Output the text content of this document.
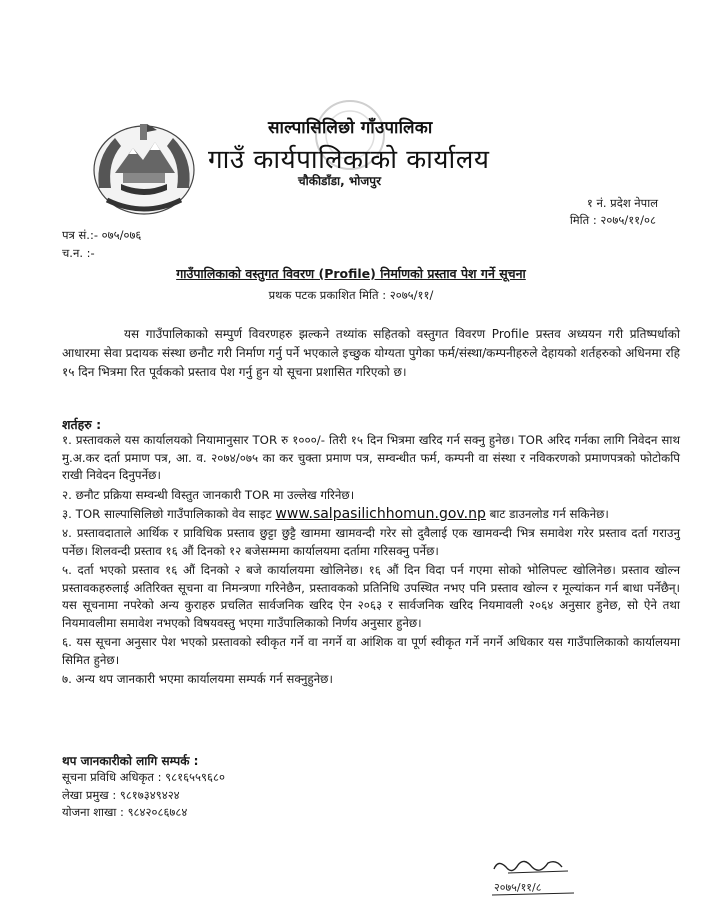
साल्पासिलिछो गाँउपालिका
गाउँ कार्यपालिकाको कार्यालय
चौकीडाँडा, भोजपुर
१ नं. प्रदेश नेपाल
मिति : २०७५/११/०८
पत्र सं.:- ०७५/०७६
च.न. :-
गाउँपालिकाको वस्तुगत विवरण (Profile) निर्माणको प्रस्ताव पेश गर्ने सूचना
प्रथक पटक प्रकाशित मिति : २०७५/११/
यस गाउँपालिकाको सम्पुर्ण विवरणहरु झल्कने तथ्यांक सहितको वस्तुगत विवरण Profile प्रस्तव अध्ययन गरी प्रतिष्पर्धाको आधारमा सेवा प्रदायक संस्था छनौट गरी निर्माण गर्नु पर्ने भएकाले इच्छुक योग्यता पुगेका फर्म/संस्था/कम्पनीहरुले देहायको शर्तहरुको अधिनमा रहि १५ दिन भित्रमा रित पूर्वकको प्रस्ताव पेश गर्नु हुन यो सूचना प्रशासित गरिएको छ।
शर्तहरु :

१. प्रस्तावकले यस कार्यालयको नियामानुसार TOR रु १०००/- तिरी १५ दिन भित्रमा खरिद गर्न सक्नु हुनेछ। TOR अरिद गर्नका लागि निवेदन साथ मु.अ.कर दर्ता प्रमाण पत्र, आ. व. २०७४/०७५ का कर चुक्ता प्रमाण पत्र, सम्वन्धीत फर्म, कम्पनी वा संस्था र नविकरणको प्रमाणपत्रको फोटोकपि राखी निवेदन दिनुपर्नेछ।

२. छनौट प्रक्रिया सम्वन्धी विस्तुत जानकारी TOR मा उल्लेख गरिनेछ।

३. TOR साल्पासिलिछो गाउँपालिकाको वेव साइट www.salpasilichhomun.gov.np बाट डाउनलोड गर्न सकिनेछ।

४. प्रस्तावदाताले आर्थिक र प्राविधिक प्रस्ताव छुट्टा छुट्टै खाममा खामवन्दी गरेर सो दुवैलाई एक खामवन्दी भित्र समावेश गरेर प्रस्ताव दर्ता गराउनु पर्नेछ। शिलवन्दी प्रस्ताव १६ औं दिनको १२ बजेसम्ममा कार्यालयमा दर्तामा गरिसक्नु पर्नेछ।

५. दर्ता भएको प्रस्ताव १६ औं दिनको २ बजे कार्यालयमा खोलिनेछ। १६ औं दिन विदा पर्न गएमा सोको भोलिपल्ट खोलिनेछ। प्रस्ताव खोल्न प्रस्तावकहरुलाई अतिरिक्त सूचना वा निमन्त्रणा गरिनेछैन, प्रस्तावकको प्रतिनिधि उपस्थित नभए पनि प्रस्ताव खोल्न र मूल्यांकन गर्न बाधा पर्नेछैन्। यस सूचनामा नपरेको अन्य कुराहरु प्रचलित सार्वजनिक खरिद ऐन २०६३ र सार्वजनिक खरिद नियमावली २०६४ अनुसार हुनेछ, सो ऐने तथा नियमावलीमा समावेश नभएको विषयवस्तु भएमा गाउँपालिकाको निर्णय अनुसार हुनेछ।

६. यस सूचना अनुसार पेश भएको प्रस्तावको स्वीकृत गर्ने वा नगर्ने वा आंशिक वा पूर्ण स्वीकृत गर्ने नगर्ने अधिकार यस गाउँपालिकाको कार्यालयमा सिमित हुनेछ।

७. अन्य थप जानकारी भएमा कार्यालयमा सम्पर्क गर्न सक्नुहुनेछ।

थप जानकारीको लागि सम्पर्क :
सूचना प्रविधि अधिकृत : ९८१६५५९६८०
लेखा प्रमुख : ९८१७३४९४२४
योजना शाखा : ९८४२०८६७८४
२०७५/११/८
